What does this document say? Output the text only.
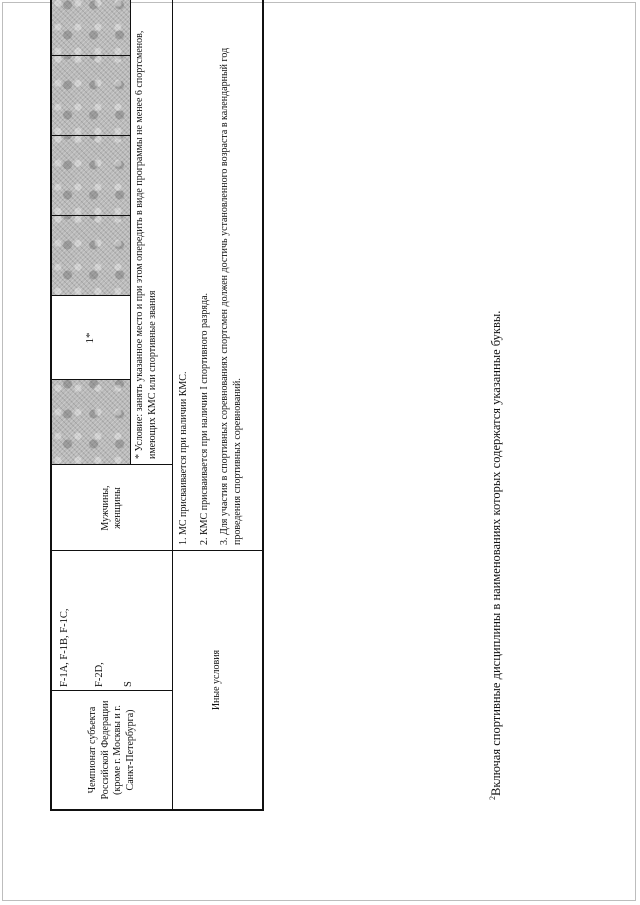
Чемпионат субъекта Российской Федерации (кроме г. Москвы и г. Санкт-Петербурга)
F-1A, F-1B, F-1C, F-2D, S
Мужчины, женщины
1*	* Условие: занять указанное место и при этом опередить в виде программы не менее 6 спортсменов, имеющих КМС или спортивные звания
Иные условия
1. МС присваивается при наличии КМС. 2. КМС присваивается при наличии I спортивного разряда. 3. Для участия в спортивных соревнованиях спортсмен должен достичь установленного возраста в календарный год проведения спортивных соревнований.
$^2$Включая спортивные дисциплины в наименованиях которых содержатся указанные буквы.
